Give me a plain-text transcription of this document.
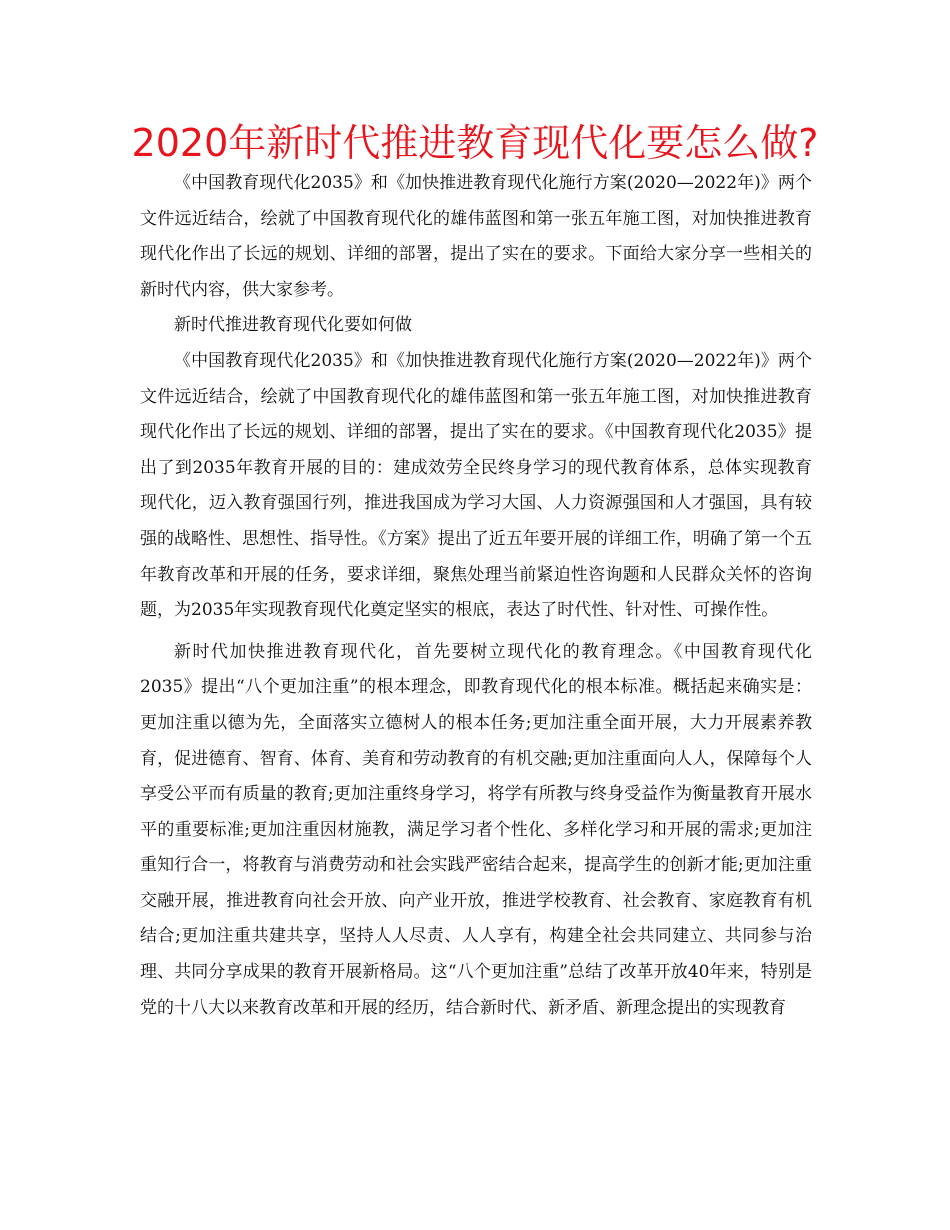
2020年新时代推进教育现代化要怎么做?

《中国教育现代化2035》和《加快推进教育现代化施行方案(2020—2022年)》两个文件远近结合，绘就了中国教育现代化的雄伟蓝图和第一张五年施工图，对加快推进教育现代化作出了长远的规划、详细的部署，提出了实在的要求。下面给大家分享一些相关的新时代内容，供大家参考。

新时代推进教育现代化要如何做

《中国教育现代化2035》和《加快推进教育现代化施行方案(2020—2022年)》两个文件远近结合，绘就了中国教育现代化的雄伟蓝图和第一张五年施工图，对加快推进教育现代化作出了长远的规划、详细的部署，提出了实在的要求。《中国教育现代化2035》提出了到2035年教育开展的目的：建成效劳全民终身学习的现代教育体系，总体实现教育现代化，迈入教育强国行列，推进我国成为学习大国、人力资源强国和人才强国，具有较强的战略性、思想性、指导性。《方案》提出了近五年要开展的详细工作，明确了第一个五年教育改革和开展的任务，要求详细，聚焦处理当前紧迫性咨询题和人民群众关怀的咨询题，为2035年实现教育现代化奠定坚实的根底，表达了时代性、针对性、可操作性。

新时代加快推进教育现代化，首先要树立现代化的教育理念。《中国教育现代化2035》提出“八个更加注重”的根本理念，即教育现代化的根本标准。概括起来确实是：更加注重以德为先，全面落实立德树人的根本任务;更加注重全面开展，大力开展素养教育，促进德育、智育、体育、美育和劳动教育的有机交融;更加注重面向人人，保障每个人享受公平而有质量的教育;更加注重终身学习，将学有所教与终身受益作为衡量教育开展水平的重要标准;更加注重因材施教，满足学习者个性化、多样化学习和开展的需求;更加注重知行合一，将教育与消费劳动和社会实践严密结合起来，提高学生的创新才能;更加注重交融开展，推进教育向社会开放、向产业开放，推进学校教育、社会教育、家庭教育有机结合;更加注重共建共享，坚持人人尽责、人人享有，构建全社会共同建立、共同参与治理、共同分享成果的教育开展新格局。这“八个更加注重”总结了改革开放40年来，特别是党的十八大以来教育改革和开展的经历，结合新时代、新矛盾、新理念提出的实现教育
